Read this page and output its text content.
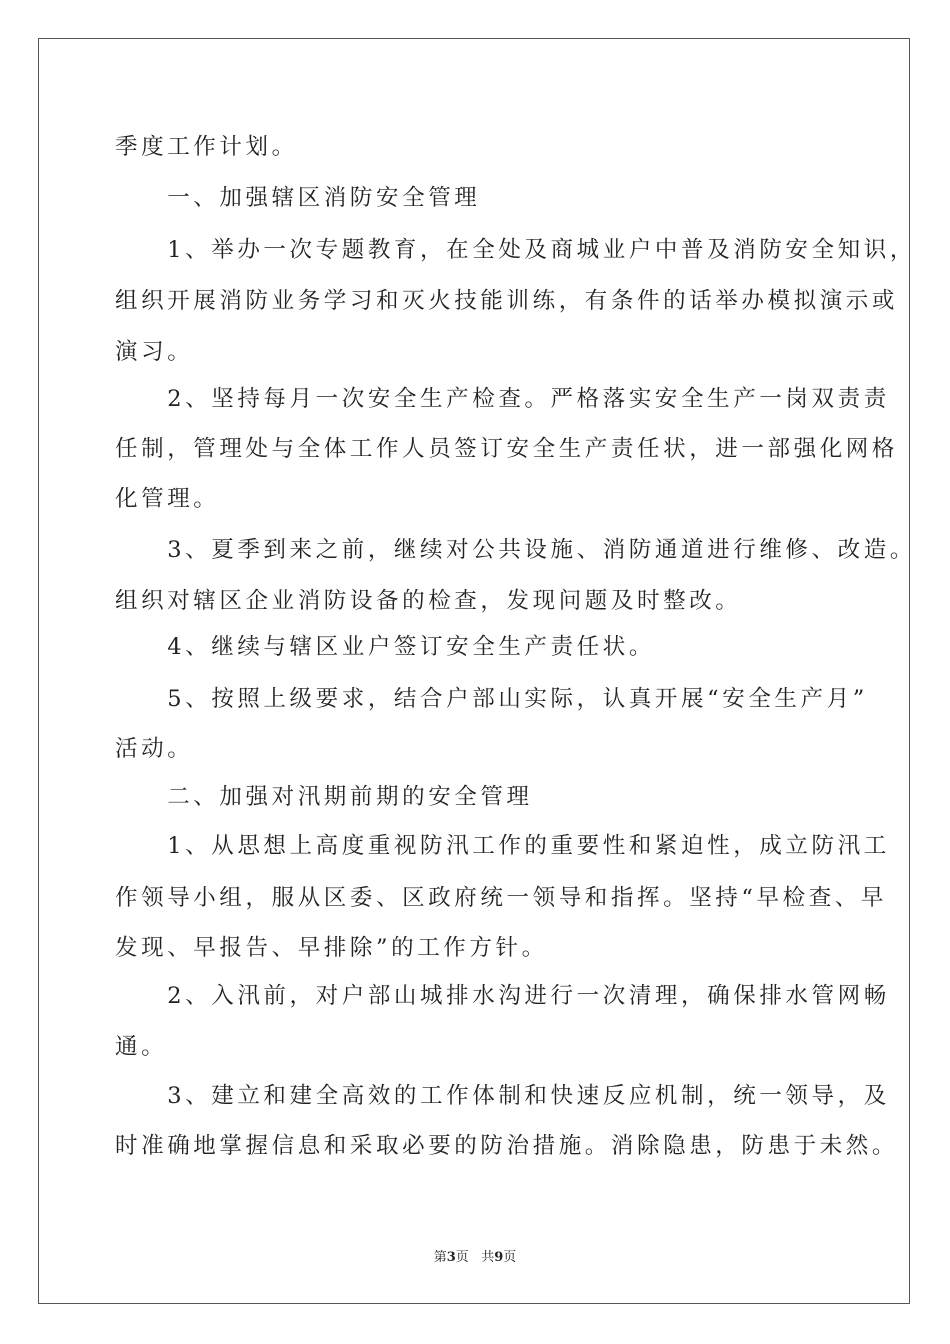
季度工作计划。
　　一、加强辖区消防安全管理
　　1、举办一次专题教育，在全处及商城业户中普及消防安全知识，
组织开展消防业务学习和灭火技能训练，有条件的话举办模拟演示或
演习。
　　2、坚持每月一次安全生产检查。严格落实安全生产一岗双责责
任制，管理处与全体工作人员签订安全生产责任状，进一部强化网格
化管理。
　　3、夏季到来之前，继续对公共设施、消防通道进行维修、改造。
组织对辖区企业消防设备的检查，发现问题及时整改。
　　4、继续与辖区业户签订安全生产责任状。
　　5、按照上级要求，结合户部山实际，认真开展“安全生产月”
活动。
　　二、加强对汛期前期的安全管理
　　1、从思想上高度重视防汛工作的重要性和紧迫性，成立防汛工
作领导小组，服从区委、区政府统一领导和指挥。坚持“早检查、早
发现、早报告、早排除”的工作方针。
　　2、入汛前，对户部山城排水沟进行一次清理，确保排水管网畅
通。
　　3、建立和建全高效的工作体制和快速反应机制，统一领导，及
时准确地掌握信息和采取必要的防治措施。消除隐患，防患于未然。
第3页 共9页
